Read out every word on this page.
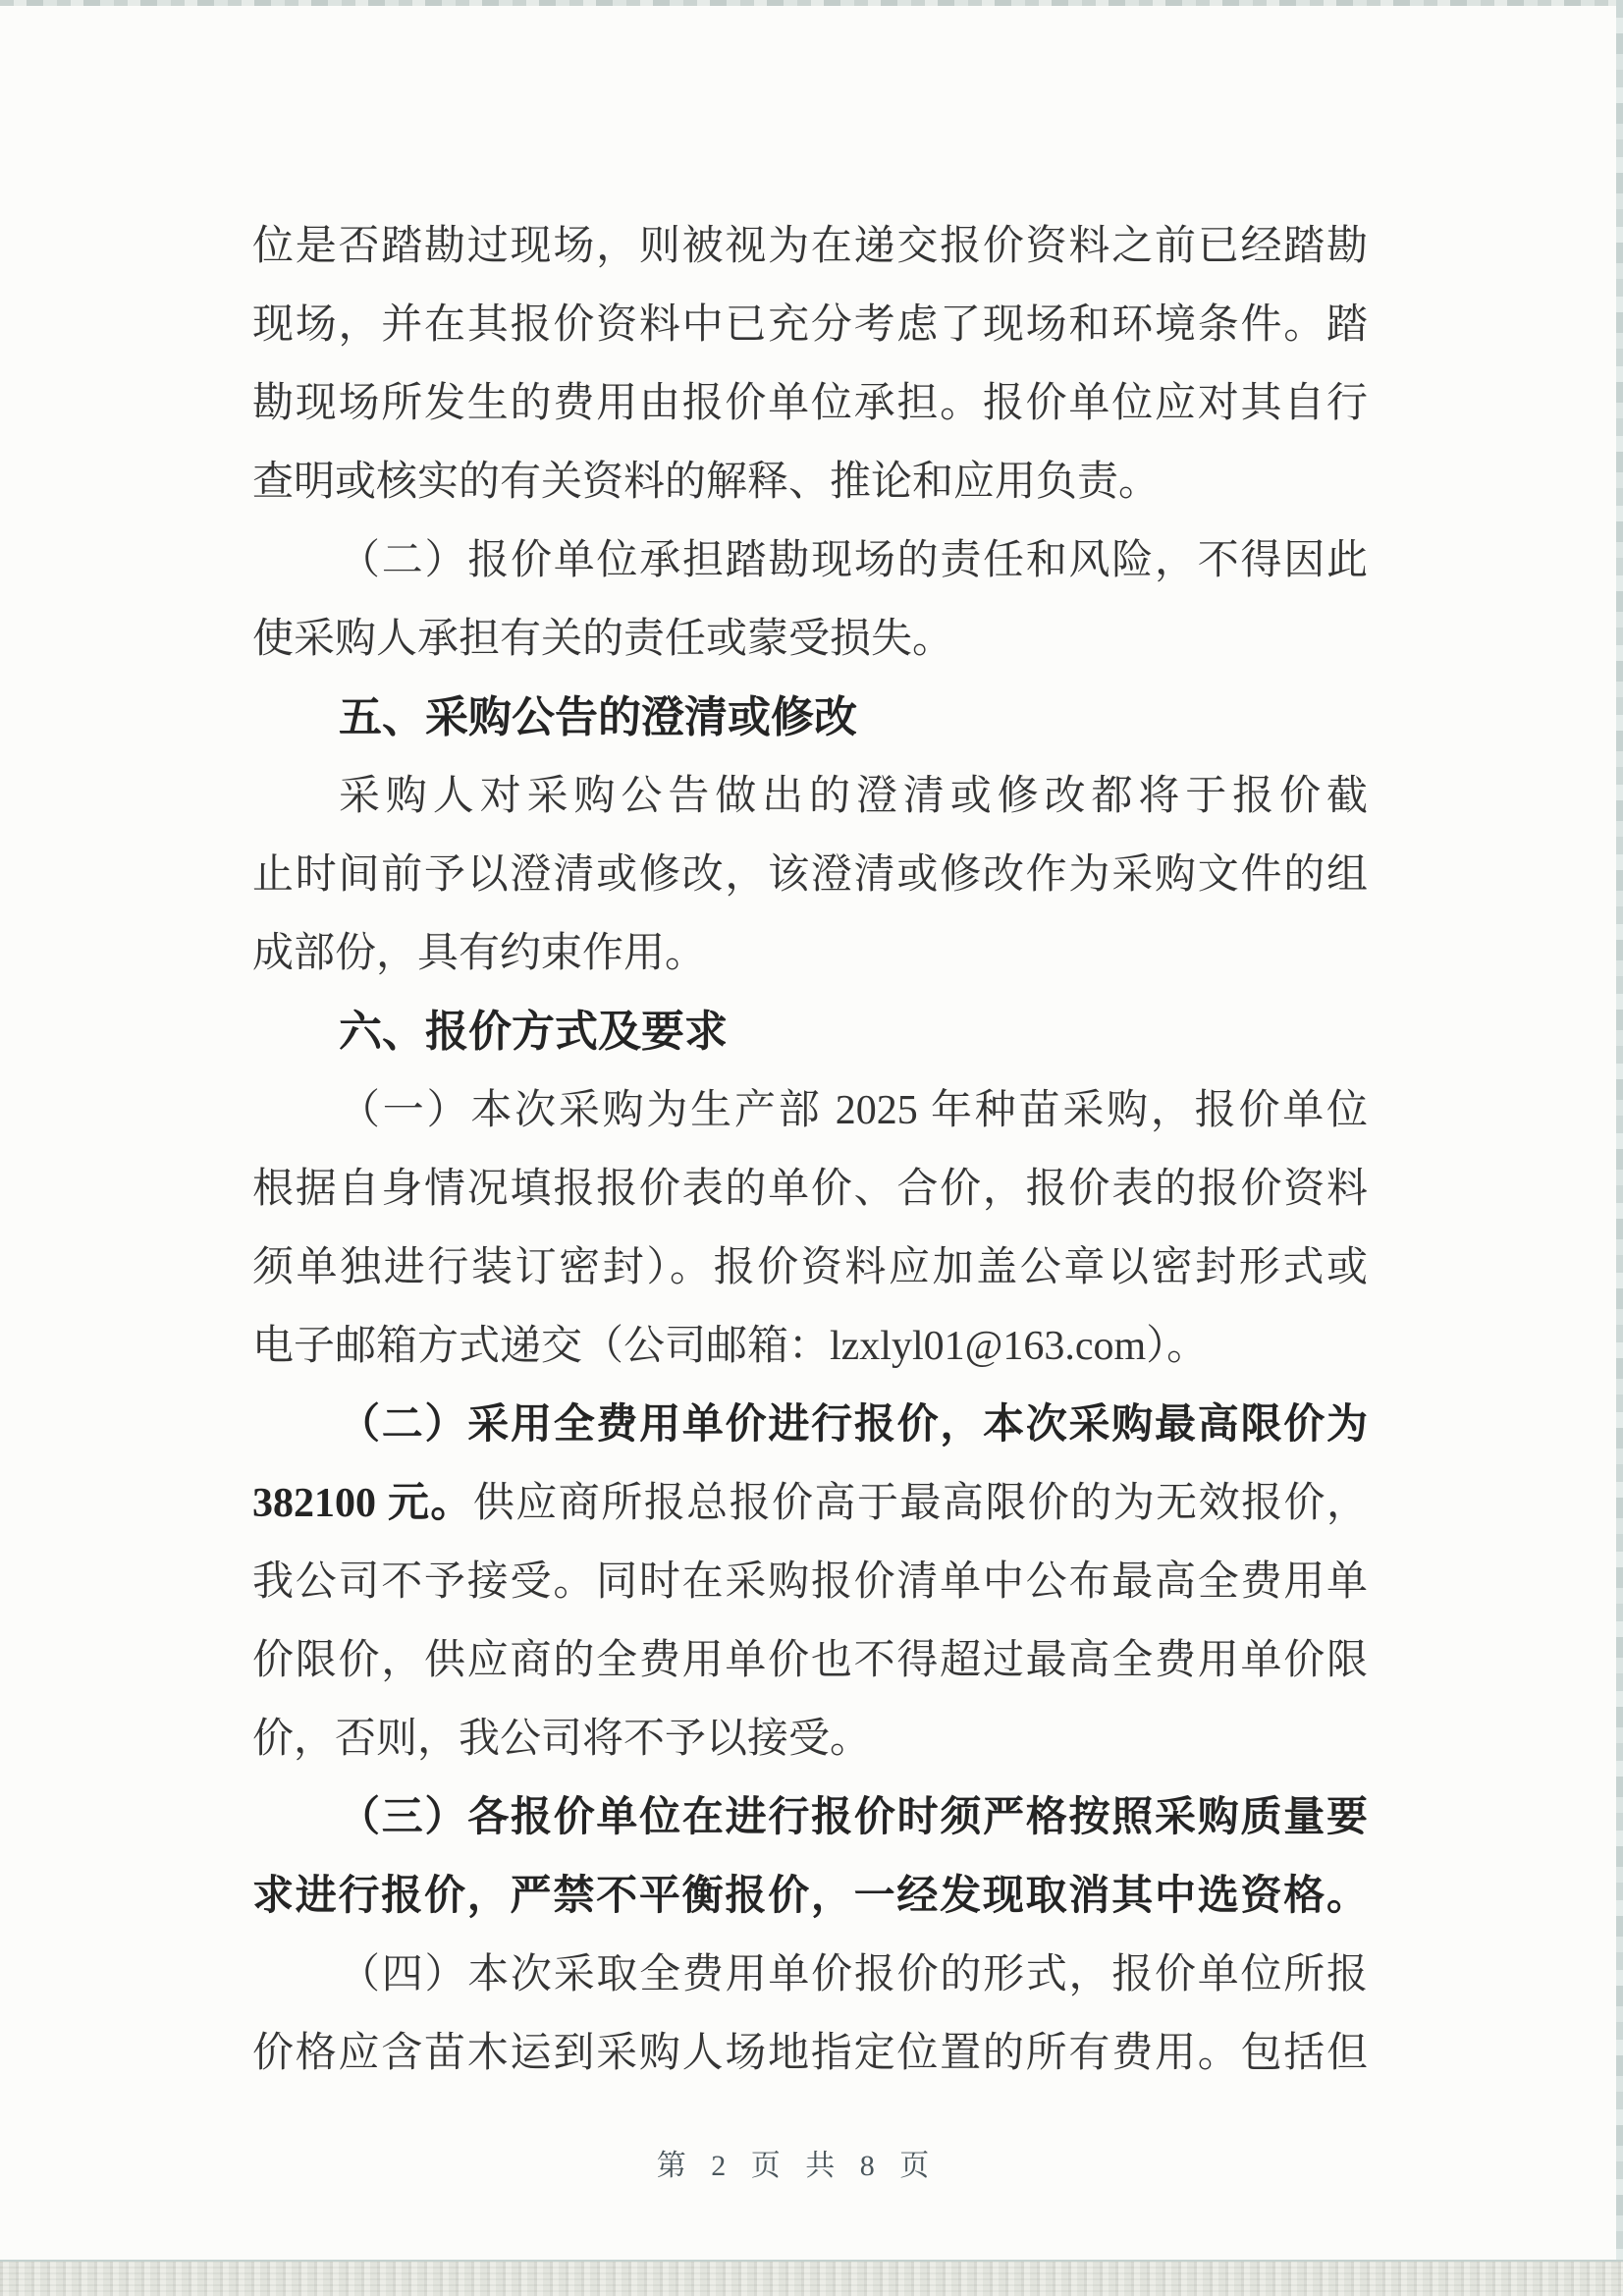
位是否踏勘过现场，则被视为在递交报价资料之前已经踏勘
现场，并在其报价资料中已充分考虑了现场和环境条件。踏
勘现场所发生的费用由报价单位承担。报价单位应对其自行
查明或核实的有关资料的解释、推论和应用负责。
（二）报价单位承担踏勘现场的责任和风险，不得因此
使采购人承担有关的责任或蒙受损失。
五、采购公告的澄清或修改
采购人对采购公告做出的澄清或修改都将于报价截
止时间前予以澄清或修改，该澄清或修改作为采购文件的组
成部份，具有约束作用。
六、报价方式及要求
（一）本次采购为生产部 2025 年种苗采购，报价单位
根据自身情况填报报价表的单价、合价，报价表的报价资料
须单独进行装订密封）。报价资料应加盖公章以密封形式或
电子邮箱方式递交（公司邮箱：lzxlyl01@163.com）。
（二）采用全费用单价进行报价，本次采购最高限价为
382100 元。供应商所报总报价高于最高限价的为无效报价，
我公司不予接受。同时在采购报价清单中公布最高全费用单
价限价，供应商的全费用单价也不得超过最高全费用单价限
价，否则，我公司将不予以接受。
（三）各报价单位在进行报价时须严格按照采购质量要
求进行报价，严禁不平衡报价，一经发现取消其中选资格。
（四）本次采取全费用单价报价的形式，报价单位所报
价格应含苗木运到采购人场地指定位置的所有费用。包括但
第 2 页 共 8 页
